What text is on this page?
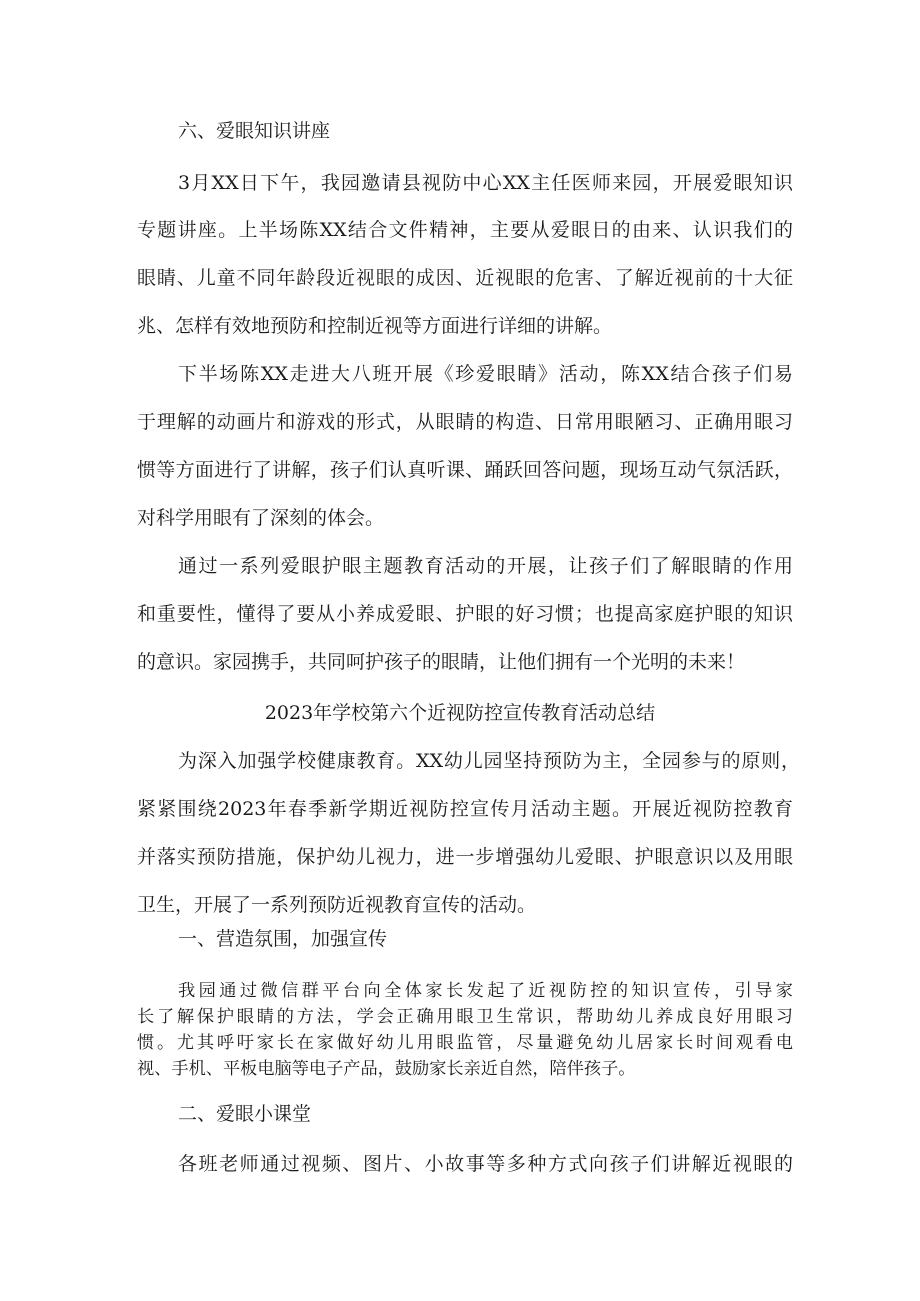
六、爱眼知识讲座

3月XX日下午，我园邀请县视防中心XX主任医师来园，开展爱眼知识

专题讲座。上半场陈XX结合文件精神，主要从爱眼日的由来、认识我们的

眼睛、儿童不同年龄段近视眼的成因、近视眼的危害、了解近视前的十大征

兆、怎样有效地预防和控制近视等方面进行详细的讲解。

下半场陈XX走进大八班开展《珍爱眼睛》活动，陈XX结合孩子们易

于理解的动画片和游戏的形式，从眼睛的构造、日常用眼陋习、正确用眼习

惯等方面进行了讲解，孩子们认真听课、踊跃回答问题，现场互动气氛活跃，

对科学用眼有了深刻的体会。

通过一系列爱眼护眼主题教育活动的开展，让孩子们了解眼睛的作用

和重要性，懂得了要从小养成爱眼、护眼的好习惯；也提高家庭护眼的知识

的意识。家园携手，共同呵护孩子的眼睛，让他们拥有一个光明的未来！

2023年学校第六个近视防控宣传教育活动总结

为深入加强学校健康教育。XX幼儿园坚持预防为主，全园参与的原则，

紧紧围绕2023年春季新学期近视防控宣传月活动主题。开展近视防控教育

并落实预防措施，保护幼儿视力，进一步增强幼儿爱眼、护眼意识以及用眼

卫生，开展了一系列预防近视教育宣传的活动。

一、营造氛围，加强宣传

我园通过微信群平台向全体家长发起了近视防控的知识宣传，引导家

长了解保护眼睛的方法，学会正确用眼卫生常识，帮助幼儿养成良好用眼习

惯。尤其呼吁家长在家做好幼儿用眼监管，尽量避免幼儿居家长时间观看电

视、手机、平板电脑等电子产品，鼓励家长亲近自然，陪伴孩子。

二、爱眼小课堂

各班老师通过视频、图片、小故事等多种方式向孩子们讲解近视眼的
